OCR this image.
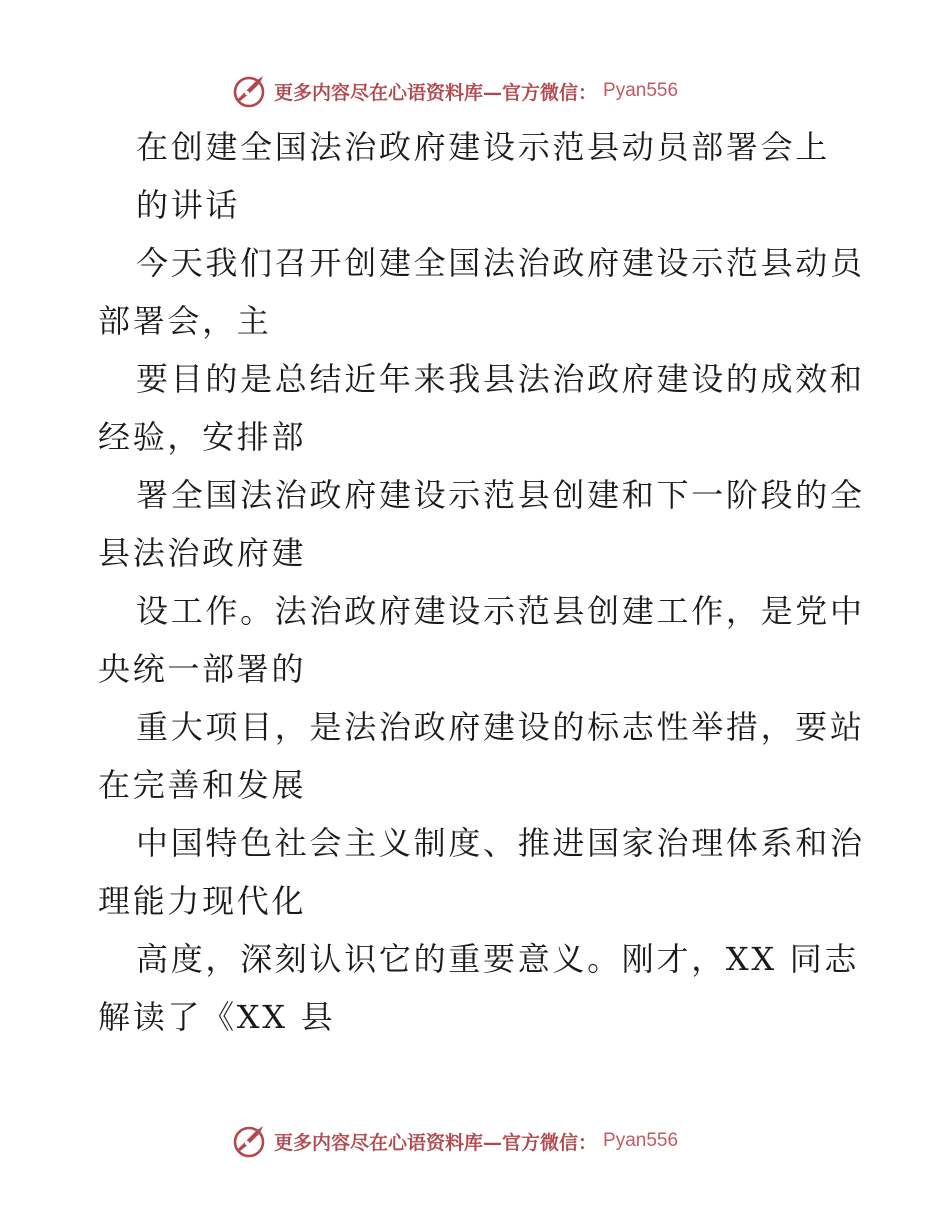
更多内容尽在心语资料库—官方微信： Pyan556
在创建全国法治政府建设示范县动员部署会上
的讲话
今天我们召开创建全国法治政府建设示范县动员
部署会，主
要目的是总结近年来我县法治政府建设的成效和
经验，安排部
署全国法治政府建设示范县创建和下一阶段的全
县法治政府建
设工作。法治政府建设示范县创建工作，是党中
央统一部署的
重大项目，是法治政府建设的标志性举措，要站
在完善和发展
中国特色社会主义制度、推进国家治理体系和治
理能力现代化
高度，深刻认识它的重要意义。刚才，XX 同志
解读了《XX 县
更多内容尽在心语资料库—官方微信： Pyan556
